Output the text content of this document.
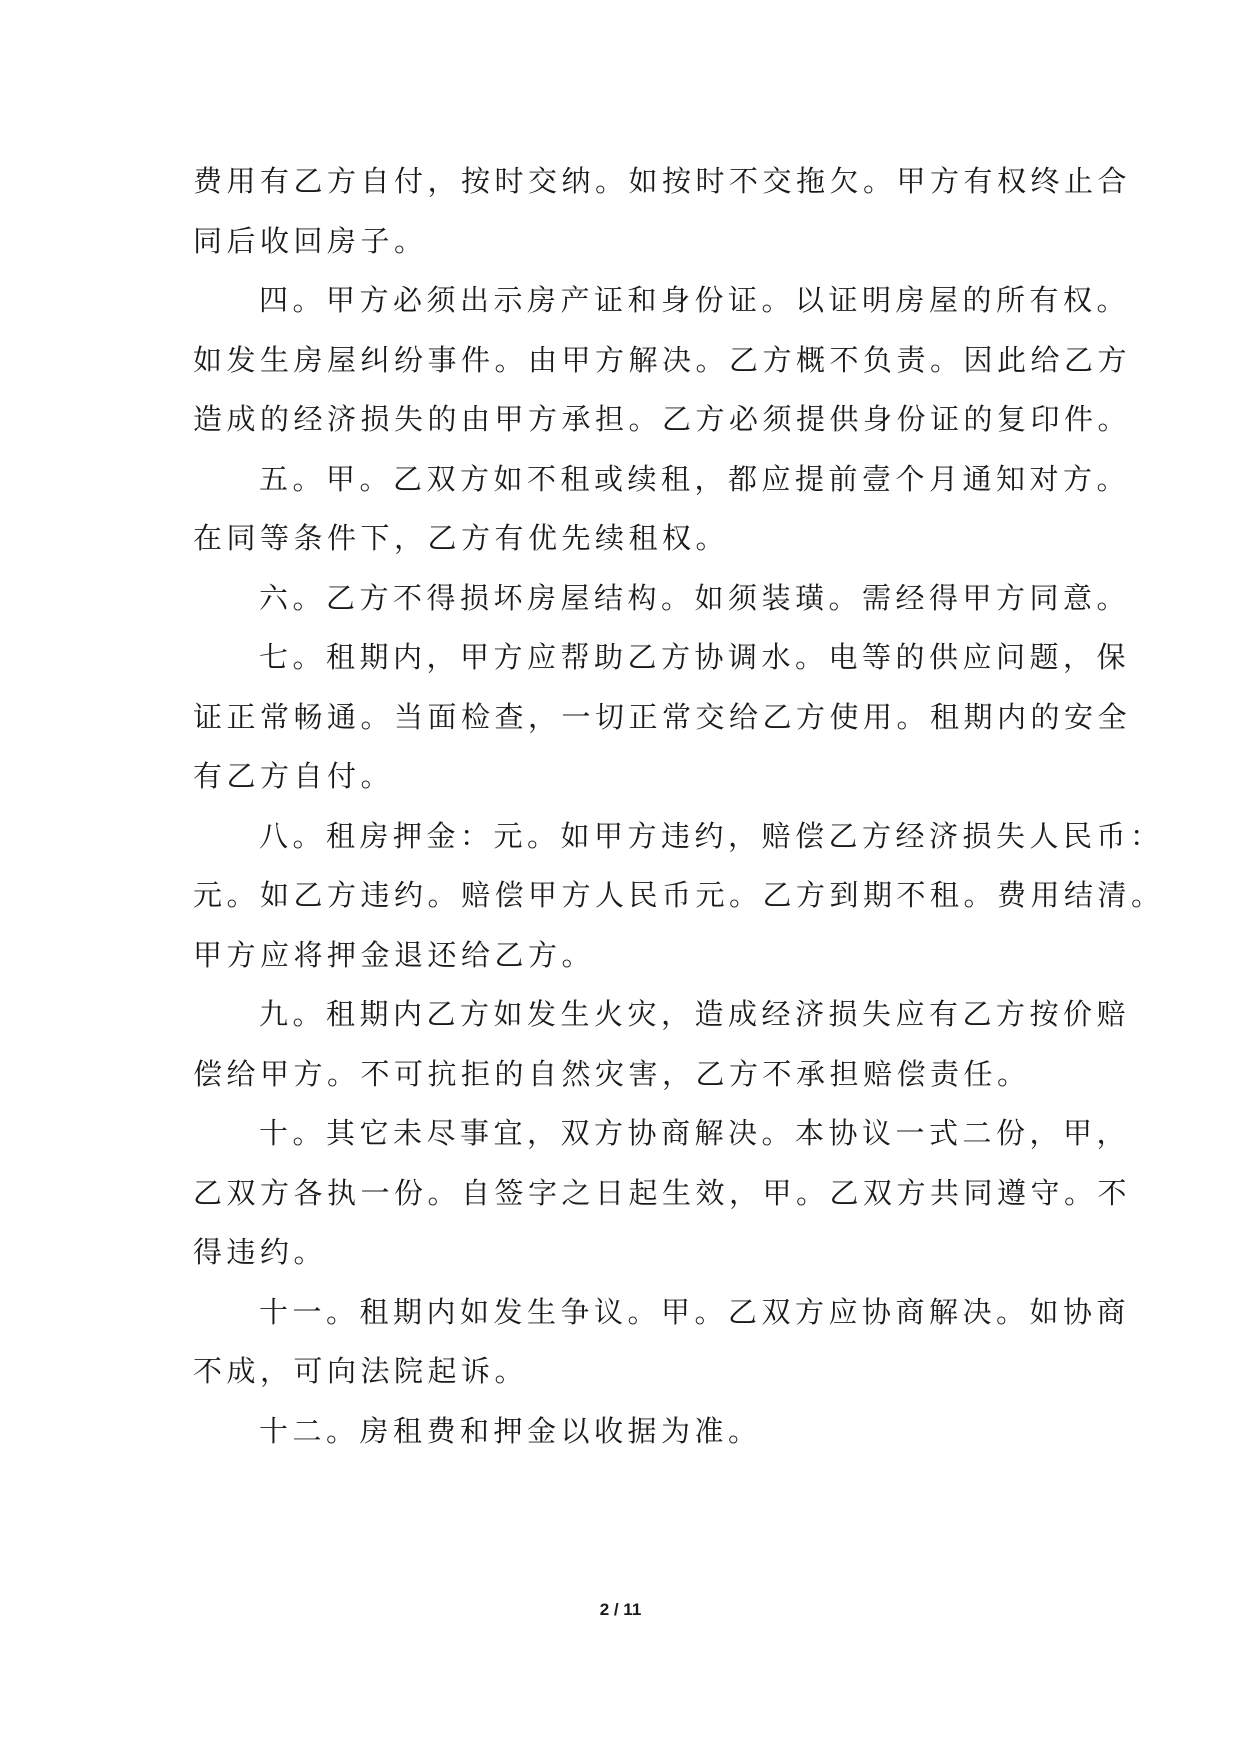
费用有乙方自付，按时交纳。如按时不交拖欠。甲方有权终止合
同后收回房子。
四。甲方必须出示房产证和身份证。以证明房屋的所有权。
如发生房屋纠纷事件。由甲方解决。乙方概不负责。因此给乙方
造成的经济损失的由甲方承担。乙方必须提供身份证的复印件。
五。甲。乙双方如不租或续租，都应提前壹个月通知对方。
在同等条件下，乙方有优先续租权。
六。乙方不得损坏房屋结构。如须装璜。需经得甲方同意。
七。租期内，甲方应帮助乙方协调水。电等的供应问题，保
证正常畅通。当面检查，一切正常交给乙方使用。租期内的安全
有乙方自付。
八。租房押金：元。如甲方违约，赔偿乙方经济损失人民币：
元。如乙方违约。赔偿甲方人民币元。乙方到期不租。费用结清。
甲方应将押金退还给乙方。
九。租期内乙方如发生火灾，造成经济损失应有乙方按价赔
偿给甲方。不可抗拒的自然灾害，乙方不承担赔偿责任。
十。其它未尽事宜，双方协商解决。本协议一式二份，甲，
乙双方各执一份。自签字之日起生效，甲。乙双方共同遵守。不
得违约。
十一。租期内如发生争议。甲。乙双方应协商解决。如协商
不成，可向法院起诉。
十二。房租费和押金以收据为准。
2 / 11
